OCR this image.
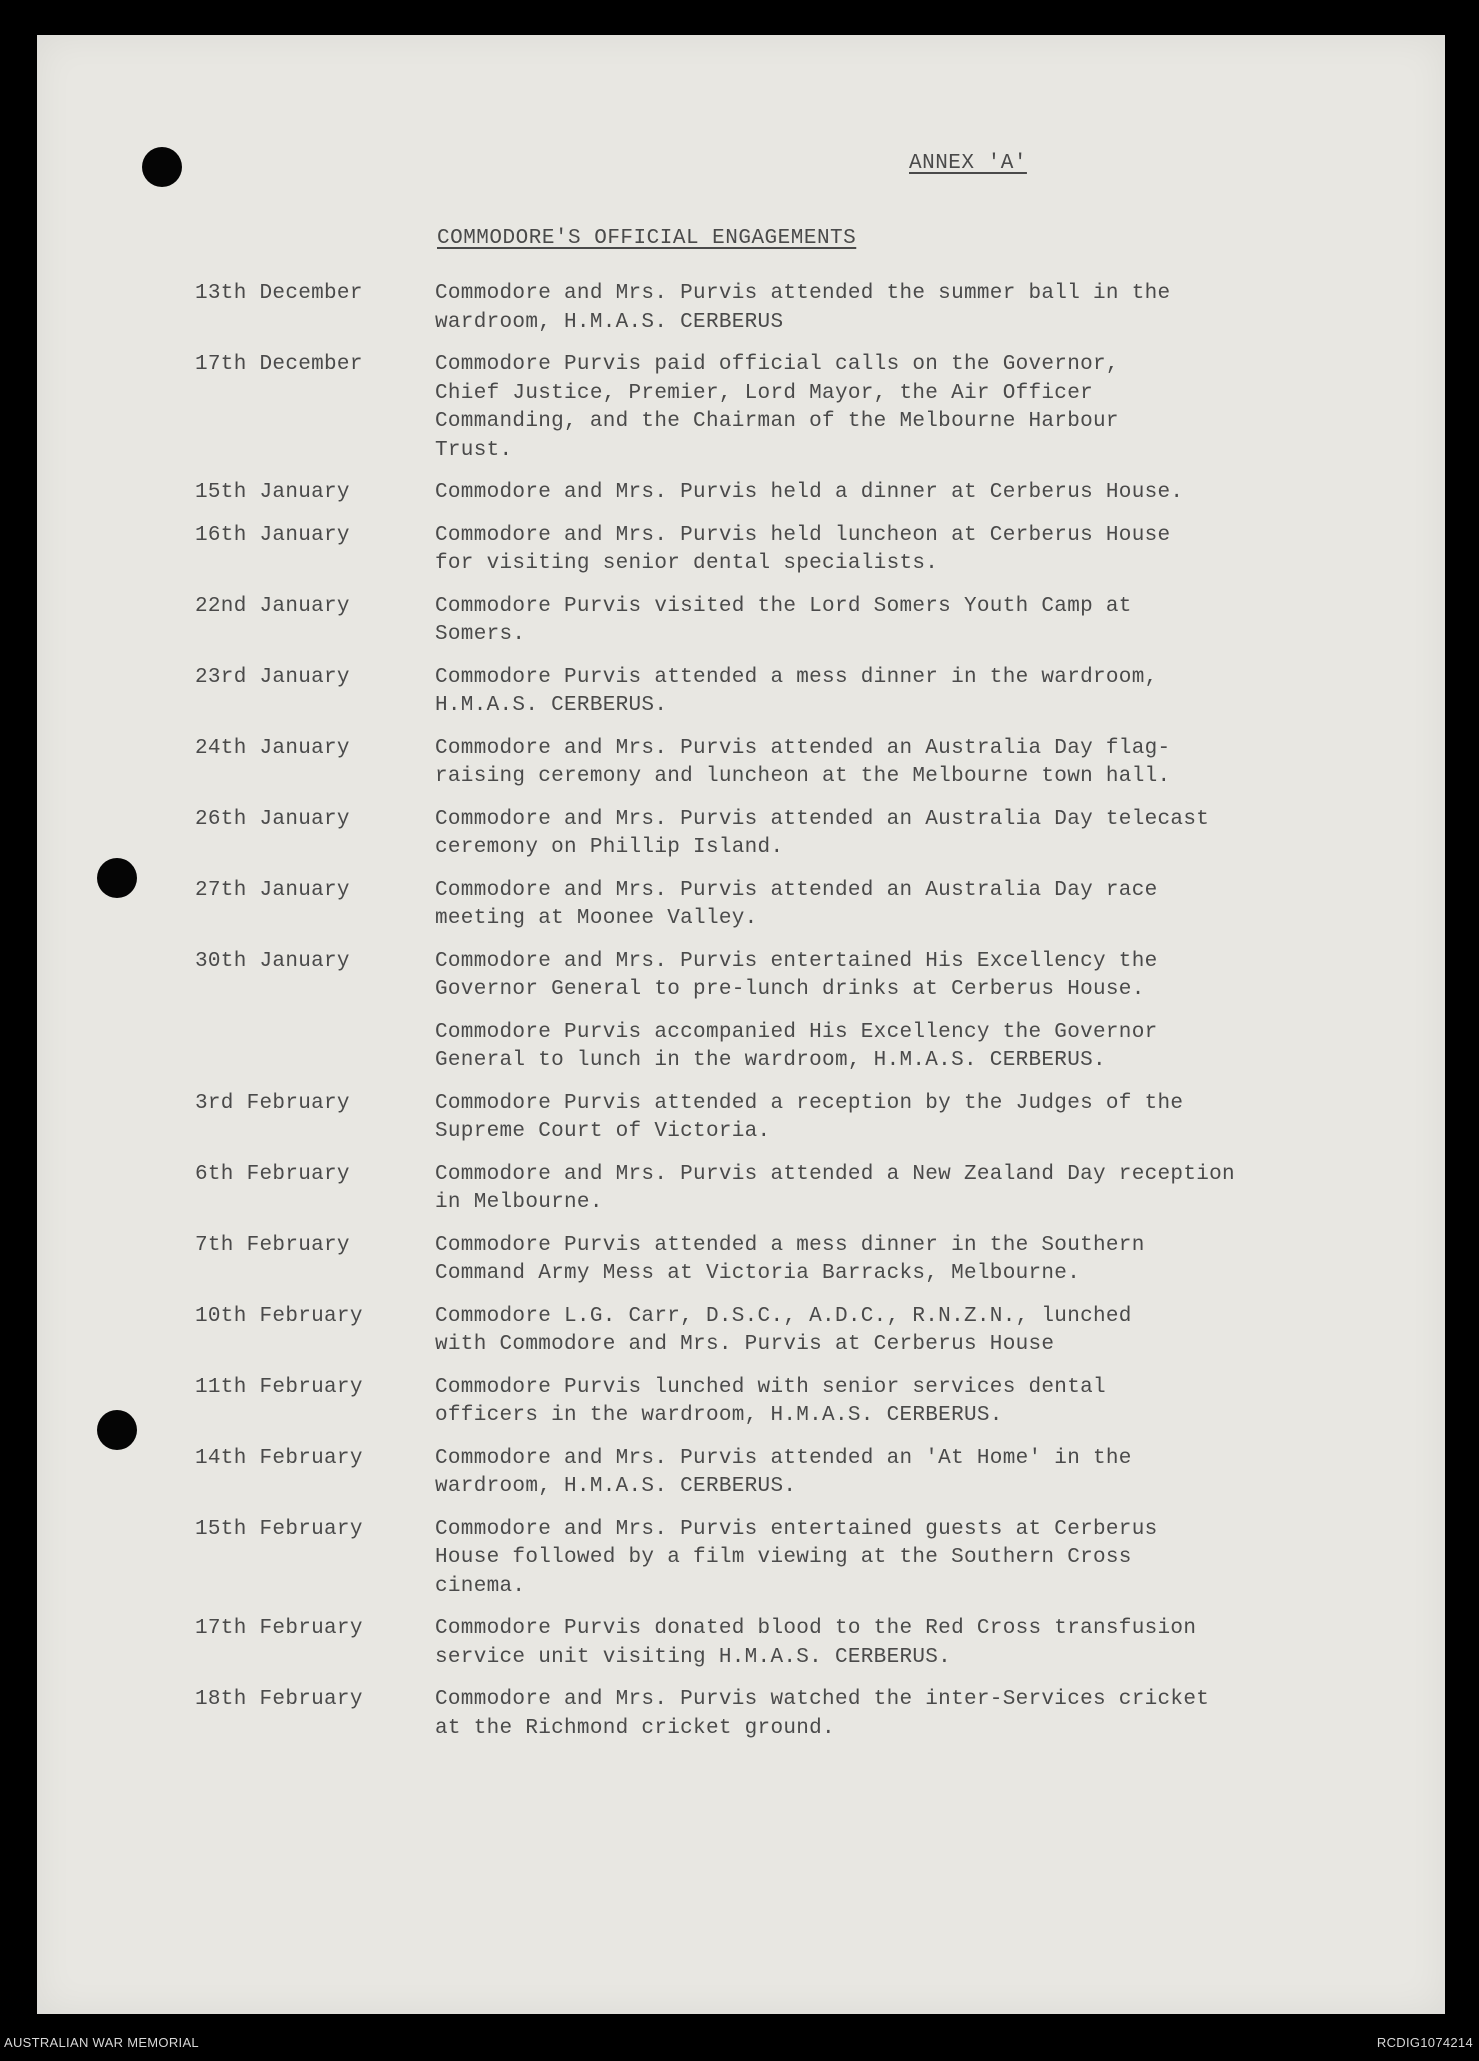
ANNEX 'A'
COMMODORE'S OFFICIAL ENGAGEMENTS
13th December	Commodore and Mrs. Purvis attended the summer ball in the
wardroom, H.M.A.S. CERBERUS
17th December	Commodore Purvis paid official calls on the Governor,
Chief Justice, Premier, Lord Mayor, the Air Officer
Commanding, and the Chairman of the Melbourne Harbour
Trust.
15th January	Commodore and Mrs. Purvis held a dinner at Cerberus House.
16th January	Commodore and Mrs. Purvis held luncheon at Cerberus House
for visiting senior dental specialists.
22nd January	Commodore Purvis visited the Lord Somers Youth Camp at
Somers.
23rd January	Commodore Purvis attended a mess dinner in the wardroom,
H.M.A.S. CERBERUS.
24th January	Commodore and Mrs. Purvis attended an Australia Day flag-
raising ceremony and luncheon at the Melbourne town hall.
26th January	Commodore and Mrs. Purvis attended an Australia Day telecast
ceremony on Phillip Island.
27th January	Commodore and Mrs. Purvis attended an Australia Day race
meeting at Moonee Valley.
30th January	Commodore and Mrs. Purvis entertained His Excellency the
Governor General to pre-lunch drinks at Cerberus House.
Commodore Purvis accompanied His Excellency the Governor
General to lunch in the wardroom, H.M.A.S. CERBERUS.
3rd February	Commodore Purvis attended a reception by the Judges of the
Supreme Court of Victoria.
6th February	Commodore and Mrs. Purvis attended a New Zealand Day reception
in Melbourne.
7th February	Commodore Purvis attended a mess dinner in the Southern
Command Army Mess at Victoria Barracks, Melbourne.
10th February	Commodore L.G. Carr, D.S.C., A.D.C., R.N.Z.N., lunched
with Commodore and Mrs. Purvis at Cerberus House
11th February	Commodore Purvis lunched with senior services dental
officers in the wardroom, H.M.A.S. CERBERUS.
14th February	Commodore and Mrs. Purvis attended an 'At Home' in the
wardroom, H.M.A.S. CERBERUS.
15th February	Commodore and Mrs. Purvis entertained guests at Cerberus
House followed by a film viewing at the Southern Cross
cinema.
17th February	Commodore Purvis donated blood to the Red Cross transfusion
service unit visiting H.M.A.S. CERBERUS.
18th February	Commodore and Mrs. Purvis watched the inter-Services cricket
at the Richmond cricket ground.
AUSTRALIAN WAR MEMORIAL	RCDIG1074214
